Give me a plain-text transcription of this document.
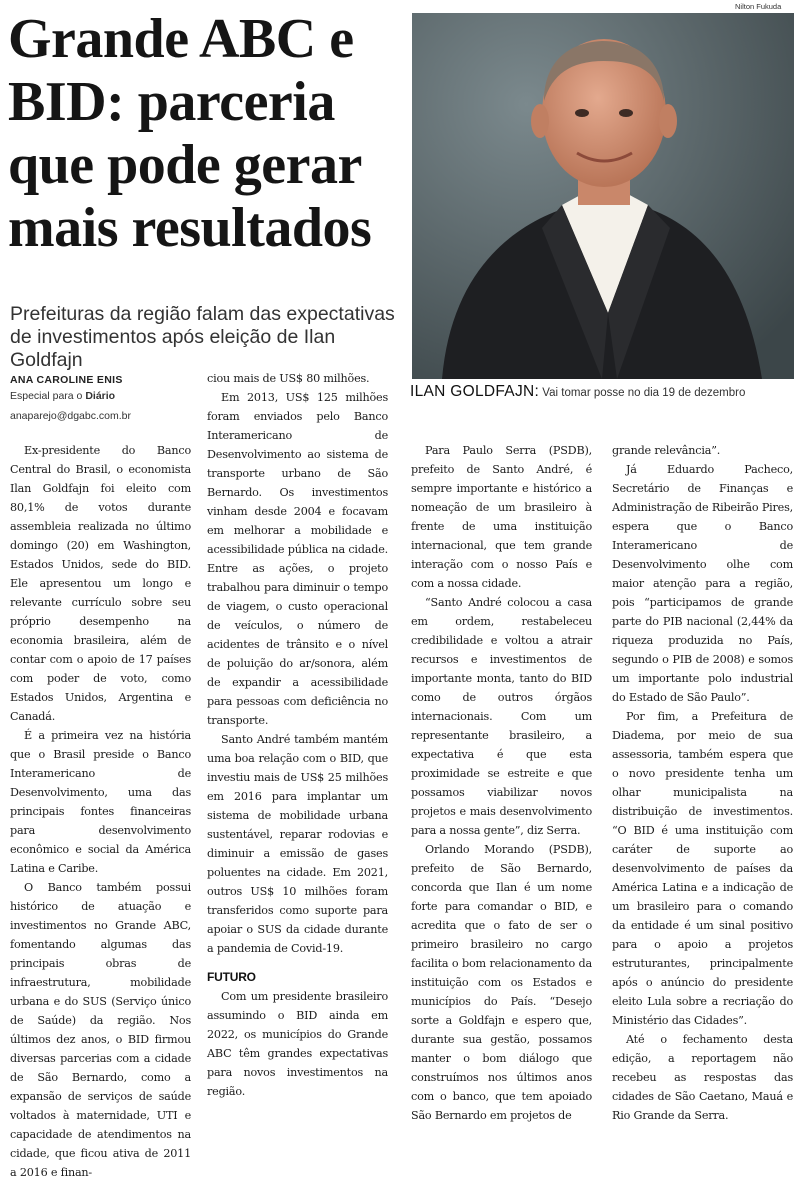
Grande ABC e BID: parceria que pode gerar mais resultados
Prefeituras da região falam das expectativas de investimentos após eleição de Ilan Goldfajn
Nilton Fukuda
ILAN GOLDFAJN: Vai tomar posse no dia 19 de dezembro
ANA CAROLINE ENIS
Especial para o Diário
anaparejo@dgabc.com.br

Ex-presidente do Banco Central do Brasil, o economista Ilan Goldfajn foi eleito com 80,1% de votos durante assembleia realizada no último domingo (20) em Washington, Estados Unidos, sede do BID. Ele apresentou um longo e relevante currículo sobre seu próprio desempenho na economia brasileira, além de contar com o apoio de 17 países com poder de voto, como Estados Unidos, Argentina e Canadá.

É a primeira vez na história que o Brasil preside o Banco Interamericano de Desenvolvimento, uma das principais fontes financeiras para desenvolvimento econômico e social da América Latina e Caribe.

O Banco também possui histórico de atuação e investimentos no Grande ABC, fomentando algumas das principais obras de infraestrutura, mobilidade urbana e do SUS (Serviço único de Saúde) da região. Nos últimos dez anos, o BID firmou diversas parcerias com a cidade de São Bernardo, como a expansão de serviços de saúde voltados à maternidade, UTI e capacidade de atendimentos na cidade, que ficou ativa de 2011 a 2016 e finan-

ciou mais de US$ 80 milhões.

Em 2013, US$ 125 milhões foram enviados pelo Banco Interamericano de Desenvolvimento ao sistema de transporte urbano de São Bernardo. Os investimentos vinham desde 2004 e focavam em melhorar a mobilidade e acessibilidade pública na cidade. Entre as ações, o projeto trabalhou para diminuir o tempo de viagem, o custo operacional de veículos, o número de acidentes de trânsito e o nível de poluição do ar/sonora, além de expandir a acessibilidade para pessoas com deficiência no transporte.

Santo André também mantém uma boa relação com o BID, que investiu mais de US$ 25 milhões em 2016 para implantar um sistema de mobilidade urbana sustentável, reparar rodovias e diminuir a emissão de gases poluentes na cidade. Em 2021, outros US$ 10 milhões foram transferidos como suporte para apoiar o SUS da cidade durante a pandemia de Covid-19.

FUTURO

Com um presidente brasileiro assumindo o BID ainda em 2022, os municípios do Grande ABC têm grandes expectativas para novos investimentos na região.

Para Paulo Serra (PSDB), prefeito de Santo André, é sempre importante e histórico a nomeação de um brasileiro à frente de uma instituição internacional, que tem grande interação com o nosso País e com a nossa cidade.

“Santo André colocou a casa em ordem, restabeleceu credibilidade e voltou a atrair recursos e investimentos de importante monta, tanto do BID como de outros órgãos internacionais. Com um representante brasileiro, a expectativa é que esta proximidade se estreite e que possamos viabilizar novos projetos e mais desenvolvimento para a nossa gente”, diz Serra.

Orlando Morando (PSDB), prefeito de São Bernardo, concorda que Ilan é um nome forte para comandar o BID, e acredita que o fato de ser o primeiro brasileiro no cargo facilita o bom relacionamento da instituição com os Estados e municípios do País. “Desejo sorte a Goldfajn e espero que, durante sua gestão, possamos manter o bom diálogo que construímos nos últimos anos com o banco, que tem apoiado São Bernardo em projetos de

grande relevância”.

Já Eduardo Pacheco, Secretário de Finanças e Administração de Ribeirão Pires, espera que o Banco Interamericano de Desenvolvimento olhe com maior atenção para a região, pois “participamos de grande parte do PIB nacional (2,44% da riqueza produzida no País, segundo o PIB de 2008) e somos um importante polo industrial do Estado de São Paulo”.

Por fim, a Prefeitura de Diadema, por meio de sua assessoria, também espera que o novo presidente tenha um olhar municipalista na distribuição de investimentos. “O BID é uma instituição com caráter de suporte ao desenvolvimento de países da América Latina e a indicação de um brasileiro para o comando da entidade é um sinal positivo para o apoio a projetos estruturantes, principalmente após o anúncio do presidente eleito Lula sobre a recriação do Ministério das Cidades”.

Até o fechamento desta edição, a reportagem não recebeu as respostas das cidades de São Caetano, Mauá e Rio Grande da Serra.
